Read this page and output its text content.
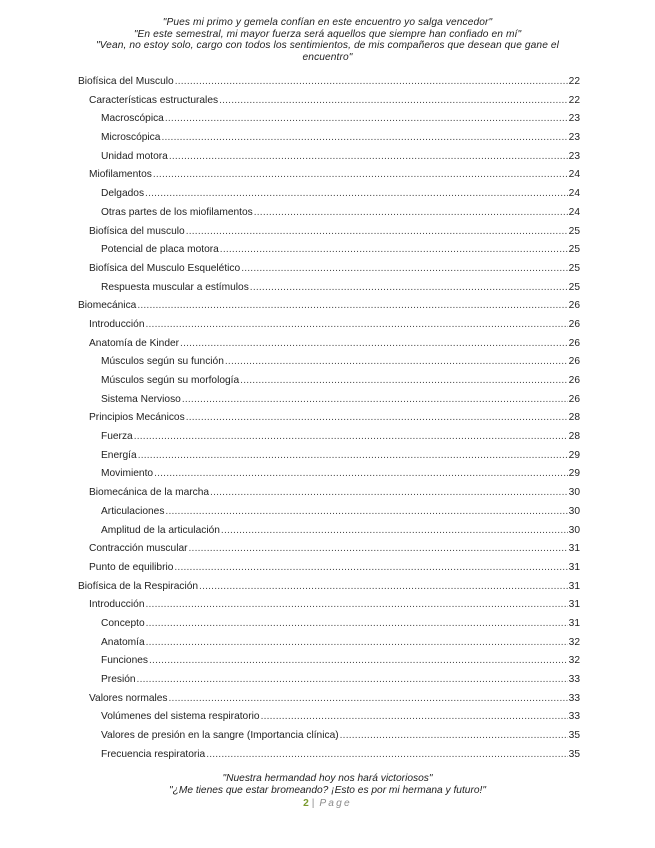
"Pues mi primo y gemela confían en este encuentro yo salga vencedor"
"En este semestral, mi mayor fuerza será aquellos que siempre han confiado en mí"
"Vean, no estoy solo, cargo con todos los sentimientos, de mis compañeros que desean que gane el
encuentro"
Biofísica del Musculo .....	22
Características estructurales .....	22
Macroscópica .....	23
Microscópica .....	23
Unidad motora .....	23
Miofilamentos .....	24
Delgados .....	24
Otras partes de los miofilamentos .....	24
Biofísica del musculo .....	25
Potencial de placa motora .....	25
Biofísica del Musculo Esquelético .....	25
Respuesta muscular a estímulos .....	25
Biomecánica .....	26
Introducción .....	26
Anatomía de Kinder .....	26
Músculos según su función .....	26
Músculos según su morfología .....	26
Sistema Nervioso .....	26
Principios Mecánicos .....	28
Fuerza .....	28
Energía .....	29
Movimiento .....	29
Biomecánica de la marcha .....	30
Articulaciones .....	30
Amplitud de la articulación .....	30
Contracción muscular .....	31
Punto de equilibrio .....	31
Biofísica de la Respiración .....	31
Introducción .....	31
Concepto .....	31
Anatomía .....	32
Funciones .....	32
Presión .....	33
Valores normales .....	33
Volúmenes del sistema respiratorio .....	33
Valores de presión en la sangre (Importancia clínica) .....	35
Frecuencia respiratoria .....	35
"Nuestra hermandad hoy nos hará victoriosos"
"¿Me tienes que estar bromeando? ¡Esto es por mi hermana y futuro!"
2 | Page
